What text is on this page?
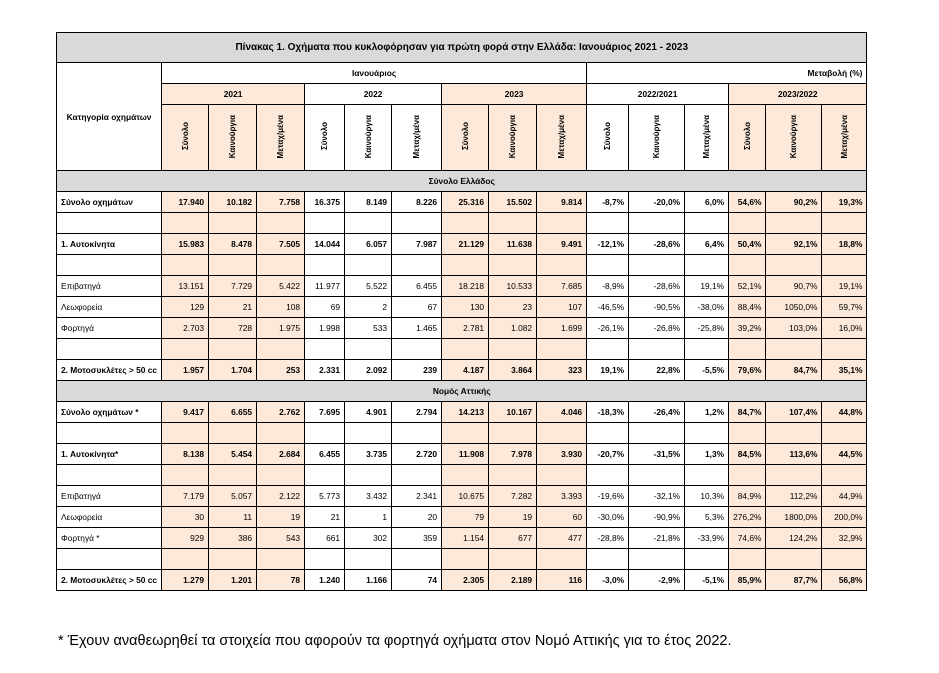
Πίνακας 1. Οχήματα που κυκλοφόρησαν για πρώτη φορά στην Ελλάδα: Ιανουάριος 2021 - 2023															
Κατηγορία οχημάτων	Ιανουάριος									Μεταβολή (%)					
	2021			2022			2023			2022/2021			2023/2022		
	Σύνολο	Καινούργια	Μεταχ/μένα	Σύνολο	Καινούργια	Μεταχ/μένα	Σύνολο	Καινούργια	Μεταχ/μένα	Σύνολο	Καινούργια	Μεταχ/μένα	Σύνολο	Καινούργια	Μεταχ/μένα
Σύνολο Ελλάδος															
Σύνολο οχημάτων	17.940	10.182	7.758	16.375	8.149	8.226	25.316	15.502	9.814	-8,7%	-20,0%	6,0%	54,6%	90,2%	19,3%

1. Αυτοκίνητα	15.983	8.478	7.505	14.044	6.057	7.987	21.129	11.638	9.491	-12,1%	-28,6%	6,4%	50,4%	92,1%	18,8%

Επιβατηγά	13.151	7.729	5.422	11.977	5.522	6.455	18.218	10.533	7.685	-8,9%	-28,6%	19,1%	52,1%	90,7%	19,1%
Λεωφορεία	129	21	108	69	2	67	130	23	107	-46,5%	-90,5%	-38,0%	88,4%	1050,0%	59,7%
Φορτηγά	2.703	728	1.975	1.998	533	1.465	2.781	1.082	1.699	-26,1%	-26,8%	-25,8%	39,2%	103,0%	16,0%

2. Μοτοσυκλέτες > 50 cc	1.957	1.704	253	2.331	2.092	239	4.187	3.864	323	19,1%	22,8%	-5,5%	79,6%	84,7%	35,1%
Νομός Αττικής															
Σύνολο οχημάτων *	9.417	6.655	2.762	7.695	4.901	2.794	14.213	10.167	4.046	-18,3%	-26,4%	1,2%	84,7%	107,4%	44,8%

1. Αυτοκίνητα*	8.138	5.454	2.684	6.455	3.735	2.720	11.908	7.978	3.930	-20,7%	-31,5%	1,3%	84,5%	113,6%	44,5%

Επιβατηγά	7.179	5.057	2.122	5.773	3.432	2.341	10.675	7.282	3.393	-19,6%	-32,1%	10,3%	84,9%	112,2%	44,9%
Λεωφορεία	30	11	19	21	1	20	79	19	60	-30,0%	-90,9%	5,3%	276,2%	1800,0%	200,0%
Φορτηγά *	929	386	543	661	302	359	1.154	677	477	-28,8%	-21,8%	-33,9%	74,6%	124,2%	32,9%

2. Μοτοσυκλέτες > 50 cc	1.279	1.201	78	1.240	1.166	74	2.305	2.189	116	-3,0%	-2,9%	-5,1%	85,9%	87,7%	56,8%
* Έχουν αναθεωρηθεί τα στοιχεία που αφορούν τα φορτηγά οχήματα στον Νομό Αττικής για το έτος 2022.
